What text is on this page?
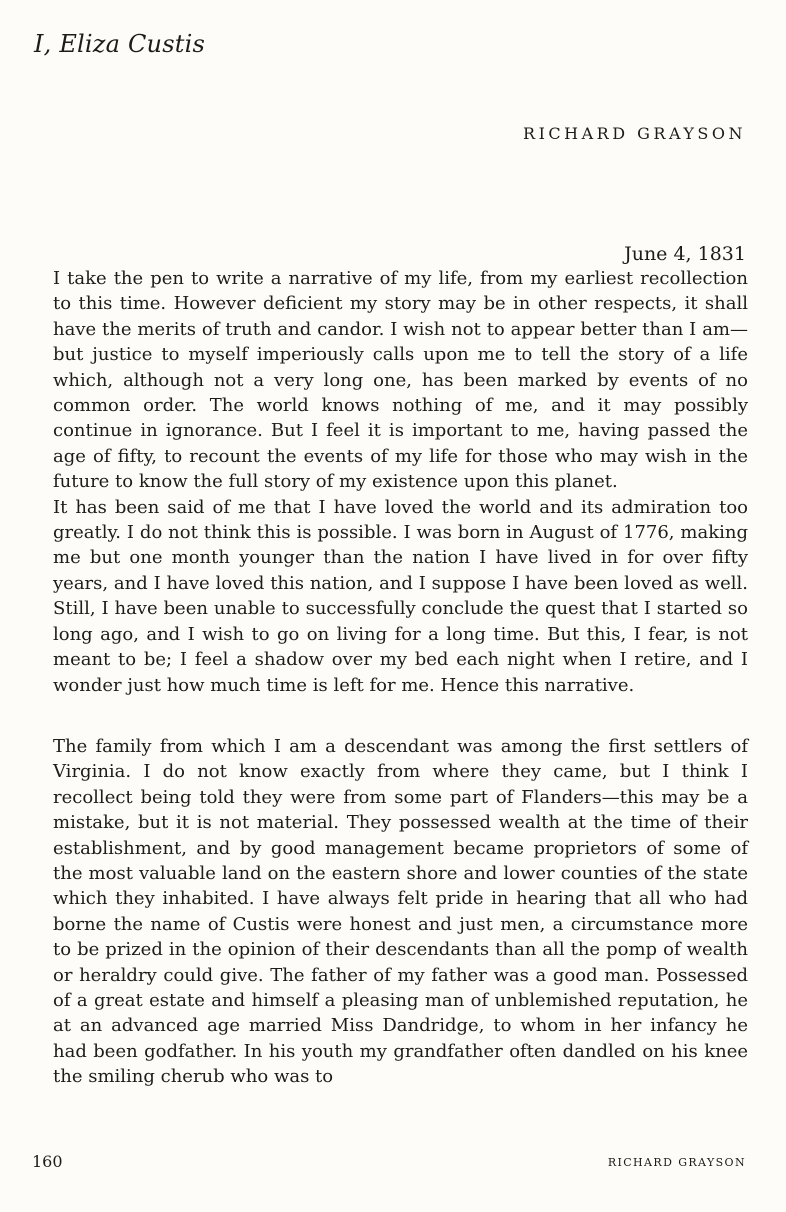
I, Eliza Custis
RICHARD GRAYSON
June 4, 1831

I take the pen to write a narrative of my life, from my earliest recollection to this time. However deficient my story may be in other respects, it shall have the merits of truth and candor. I wish not to appear better than I am—but justice to myself imperiously calls upon me to tell the story of a life which, although not a very long one, has been marked by events of no common order. The world knows nothing of me, and it may possibly continue in ignorance. But I feel it is important to me, having passed the age of fifty, to recount the events of my life for those who may wish in the future to know the full story of my existence upon this planet.

It has been said of me that I have loved the world and its admiration too greatly. I do not think this is possible. I was born in August of 1776, making me but one month younger than the nation I have lived in for over fifty years, and I have loved this nation, and I suppose I have been loved as well. Still, I have been unable to successfully conclude the quest that I started so long ago, and I wish to go on living for a long time. But this, I fear, is not meant to be; I feel a shadow over my bed each night when I retire, and I wonder just how much time is left for me. Hence this narrative.

The family from which I am a descendant was among the first settlers of Virginia. I do not know exactly from where they came, but I think I recollect being told they were from some part of Flanders—this may be a mistake, but it is not material. They possessed wealth at the time of their establishment, and by good management became proprietors of some of the most valuable land on the eastern shore and lower counties of the state which they inhabited. I have always felt pride in hearing that all who had borne the name of Custis were honest and just men, a circumstance more to be prized in the opinion of their descendants than all the pomp of wealth or heraldry could give. The father of my father was a good man. Possessed of a great estate and himself a pleasing man of unblemished reputation, he at an advanced age married Miss Dandridge, to whom in her infancy he had been godfather. In his youth my grandfather often dandled on his knee the smiling cherub who was to

160	RICHARD GRAYSON
